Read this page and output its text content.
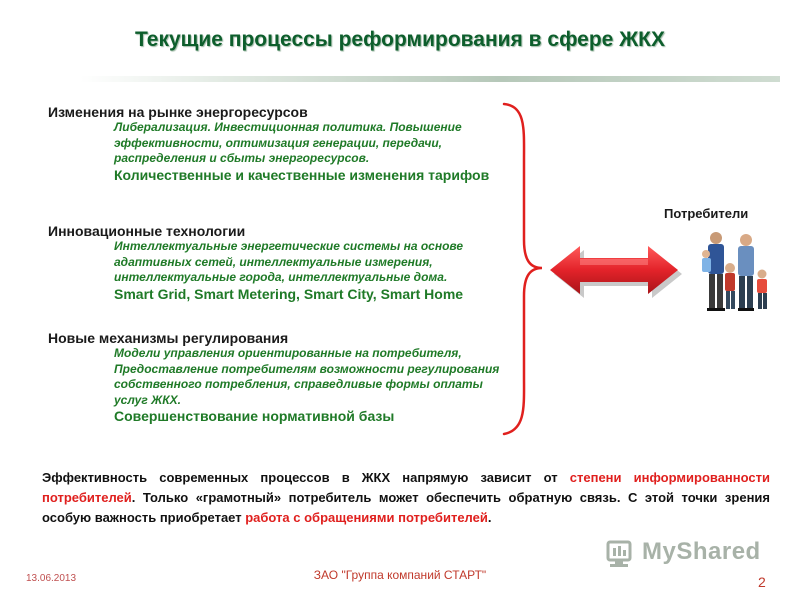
Текущие процессы реформирования в сфере ЖКХ
Изменения на рынке энергоресурсов
Либерализация. Инвестиционная политика. Повышение эффективности, оптимизация генерации, передачи, распределения и сбыты энергоресурсов.
Количественные и качественные изменения тарифов
Инновационные технологии
Интеллектуальные энергетические системы на основе адаптивных сетей, интеллектуальные измерения, интеллектуальные города, интеллектуальные дома.
Smart Grid, Smart Metering, Smart City, Smart Home
Новые механизмы регулирования
Модели управления ориентированные на потребителя, Предоставление потребителям возможности регулирования собственного потребления, справедливые формы оплаты услуг ЖКХ.
Совершенствование нормативной базы
Потребители
Эффективность современных процессов в ЖКХ напрямую зависит от степени информированности потребителей. Только «грамотный» потребитель может обеспечить обратную связь. С этой точки зрения особую важность приобретает работа с обращениями потребителей.
MyShared
13.06.2013	ЗАО "Группа компаний СТАРТ"	2
